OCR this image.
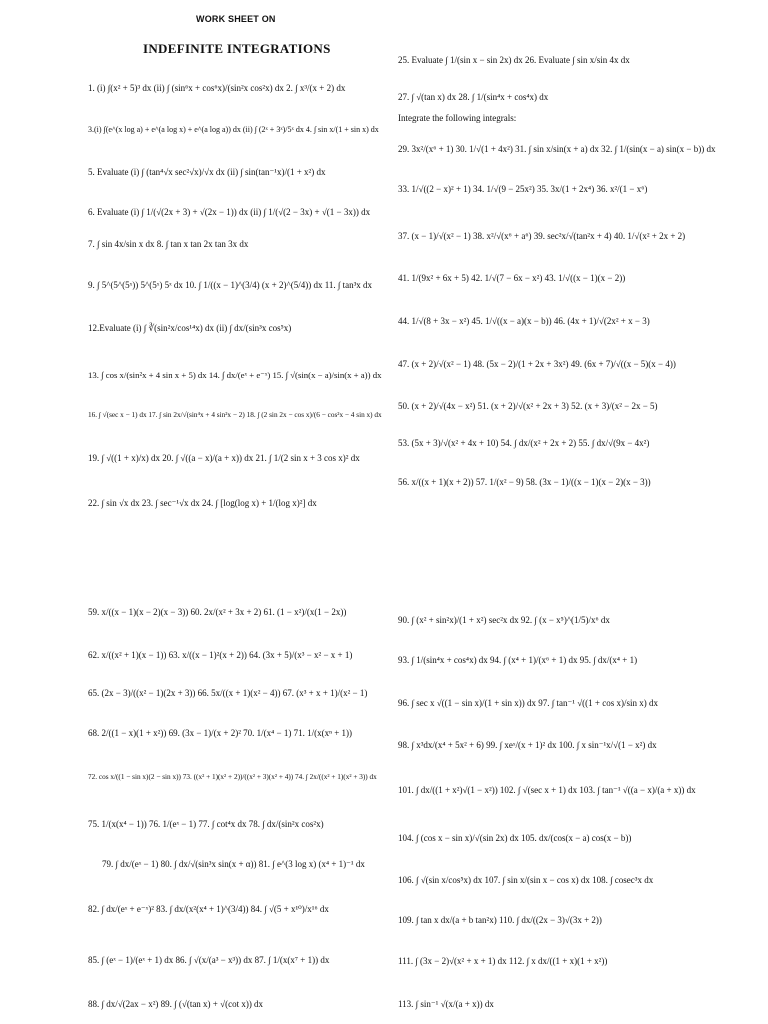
WORK SHEET ON
INDEFINITE INTEGRATIONS
1. (i) ∫(x² + 5)³ dx (ii) ∫ (sin⁶x + cos⁶x)/(sin²x cos²x) dx 2. ∫ x³/(x + 2) dx
3.(i) ∫(e^(x log a) + e^(a log x) + e^(a log a)) dx (ii) ∫ (2ˣ + 3ˣ)/5ˣ dx 4. ∫ sin x/(1 + sin x) dx
5. Evaluate (i) ∫ (tan⁴√x sec²√x)/√x dx (ii) ∫ sin(tan⁻¹x)/(1 + x²) dx
6. Evaluate (i) ∫ 1/(√(2x + 3) + √(2x − 1)) dx (ii) ∫ 1/(√(2 − 3x) + √(1 − 3x)) dx
7. ∫ sin 4x/sin x dx 8. ∫ tan x tan 2x tan 3x dx
9. ∫ 5^(5^(5ˣ)) 5^(5ˣ) 5ˣ dx 10. ∫ 1/((x − 1)^(3/4) (x + 2)^(5/4)) dx 11. ∫ tan³x dx
12.Evaluate (i) ∫ ∛(sin²x/cos¹⁴x) dx (ii) ∫ dx/(sin³x cos⁵x)
13. ∫ cos x/(sin²x + 4 sin x + 5) dx 14. ∫ dx/(eˣ + e⁻ˣ) 15. ∫ √(sin(x − a)/sin(x + a)) dx
16. ∫ √(sec x − 1) dx 17. ∫ sin 2x/√(sin⁴x + 4 sin²x − 2) 18. ∫ (2 sin 2x − cos x)/(6 − cos²x − 4 sin x) dx
19. ∫ √((1 + x)/x) dx 20. ∫ √((a − x)/(a + x)) dx 21. ∫ 1/(2 sin x + 3 cos x)² dx
22. ∫ sin √x dx 23. ∫ sec⁻¹√x dx 24. ∫ [log(log x) + 1/(log x)²] dx
25. Evaluate ∫ 1/(sin x − sin 2x) dx 26. Evaluate ∫ sin x/sin 4x dx
27. ∫ √(tan x) dx 28. ∫ 1/(sin⁴x + cos⁴x) dx
Integrate the following integrals:
29. 3x²/(x⁶ + 1) 30. 1/√(1 + 4x²) 31. ∫ sin x/sin(x + a) dx 32. ∫ 1/(sin(x − a) sin(x − b)) dx
33. 1/√((2 − x)² + 1) 34. 1/√(9 − 25x²) 35. 3x/(1 + 2x⁴) 36. x²/(1 − x⁶)
37. (x − 1)/√(x² − 1) 38. x²/√(x⁶ + a⁶) 39. sec²x/√(tan²x + 4) 40. 1/√(x² + 2x + 2)
41. 1/(9x² + 6x + 5) 42. 1/√(7 − 6x − x²) 43. 1/√((x − 1)(x − 2))
44. 1/√(8 + 3x − x²) 45. 1/√((x − a)(x − b)) 46. (4x + 1)/√(2x² + x − 3)
47. (x + 2)/√(x² − 1) 48. (5x − 2)/(1 + 2x + 3x²) 49. (6x + 7)/√((x − 5)(x − 4))
50. (x + 2)/√(4x − x²) 51. (x + 2)/√(x² + 2x + 3) 52. (x + 3)/(x² − 2x − 5)
53. (5x + 3)/√(x² + 4x + 10) 54. ∫ dx/(x² + 2x + 2) 55. ∫ dx/√(9x − 4x²)
56. x/((x + 1)(x + 2)) 57. 1/(x² − 9) 58. (3x − 1)/((x − 1)(x − 2)(x − 3))
59. x/((x − 1)(x − 2)(x − 3)) 60. 2x/(x² + 3x + 2) 61. (1 − x²)/(x(1 − 2x))
62. x/((x² + 1)(x − 1)) 63. x/((x − 1)²(x + 2)) 64. (3x + 5)/(x³ − x² − x + 1)
65. (2x − 3)/((x² − 1)(2x + 3)) 66. 5x/((x + 1)(x² − 4)) 67. (x³ + x + 1)/(x² − 1)
68. 2/((1 − x)(1 + x²)) 69. (3x − 1)/(x + 2)² 70. 1/(x⁴ − 1) 71. 1/(x(xⁿ + 1))
72. cos x/((1 − sin x)(2 − sin x)) 73. ((x² + 1)(x² + 2))/((x² + 3)(x² + 4)) 74. ∫ 2x/((x² + 1)(x² + 3)) dx
75. 1/(x(x⁴ − 1)) 76. 1/(eˣ − 1) 77. ∫ cot⁴x dx 78. ∫ dx/(sin²x cos²x)
79. ∫ dx/(eˣ − 1) 80. ∫ dx/√(sin³x sin(x + α)) 81. ∫ e^(3 log x) (x⁴ + 1)⁻¹ dx
82. ∫ dx/(eˣ + e⁻ˣ)² 83. ∫ dx/(x²(x⁴ + 1)^(3/4)) 84. ∫ √(5 + x¹⁰)/x¹⁶ dx
85. ∫ (eˣ − 1)/(eˣ + 1) dx 86. ∫ √(x/(a³ − x³)) dx 87. ∫ 1/(x(x⁷ + 1)) dx
88. ∫ dx/√(2ax − x²) 89. ∫ (√(tan x) + √(cot x)) dx
90. ∫ (x² + sin²x)/(1 + x²) sec²x dx 92. ∫ (x − x⁵)^(1/5)/x⁶ dx
93. ∫ 1/(sin⁴x + cos⁴x) dx 94. ∫ (x⁴ + 1)/(x⁶ + 1) dx 95. ∫ dx/(x⁴ + 1)
96. ∫ sec x √((1 − sin x)/(1 + sin x)) dx 97. ∫ tan⁻¹ √((1 + cos x)/sin x) dx
98. ∫ x³dx/(x⁴ + 5x² + 6) 99. ∫ xeˣ/(x + 1)² dx 100. ∫ x sin⁻¹x/√(1 − x²) dx
101. ∫ dx/((1 + x²)√(1 − x²)) 102. ∫ √(sec x + 1) dx 103. ∫ tan⁻¹ √((a − x)/(a + x)) dx
104. ∫ (cos x − sin x)/√(sin 2x) dx 105. dx/(cos(x − a) cos(x − b))
106. ∫ √(sin x/cos⁵x) dx 107. ∫ sin x/(sin x − cos x) dx 108. ∫ cosec³x dx
109. ∫ tan x dx/(a + b tan²x) 110. ∫ dx/((2x − 3)√(3x + 2))
111. ∫ (3x − 2)√(x² + x + 1) dx 112. ∫ x dx/((1 + x)(1 + x²))
113. ∫ sin⁻¹ √(x/(a + x)) dx
